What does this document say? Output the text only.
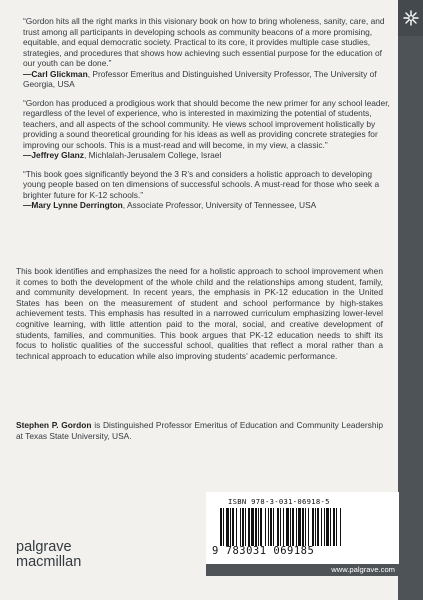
“Gordon hits all the right marks in this visionary book on how to bring wholeness, sanity, care, and trust among all participants in developing schools as community beacons of a more promising, equitable, and equal democratic society. Practical to its core, it provides multiple case studies, strategies, and procedures that shows how achieving such essential purpose for the education of our youth can be done.”
—Carl Glickman, Professor Emeritus and Distinguished University Professor, The University of Georgia, USA
“Gordon has produced a prodigious work that should become the new primer for any school leader, regardless of the level of experience, who is interested in maximizing the potential of students, teachers, and all aspects of the school community. He views school improvement holistically by providing a sound theoretical grounding for his ideas as well as providing concrete strategies for improving our schools. This is a must-read and will become, in my view, a classic.”
—Jeffrey Glanz, Michlalah-Jerusalem College, Israel
“This book goes significantly beyond the 3 R’s and considers a holistic approach to developing young people based on ten dimensions of successful schools. A must-read for those who seek a brighter future for K-12 schools.”
—Mary Lynne Derrington, Associate Professor, University of Tennessee, USA
This book identifies and emphasizes the need for a holistic approach to school improvement when it comes to both the development of the whole child and the relationships among student, family, and community development. In recent years, the emphasis in PK-12 education in the United States has been on the measurement of student and school performance by high-stakes achievement tests. This emphasis has resulted in a narrowed curriculum emphasizing lower-level cognitive learning, with little attention paid to the moral, social, and creative development of students, families, and communities. This book argues that PK-12 education needs to shift its focus to holistic qualities of the successful school, qualities that reflect a moral rather than a technical approach to education while also improving students’ academic performance.
Stephen P. Gordon is Distinguished Professor Emeritus of Education and Community Leadership at Texas State University, USA.
palgrave
macmillan
ISBN 978-3-031-06918-5
9 783031 069185
www.palgrave.com
